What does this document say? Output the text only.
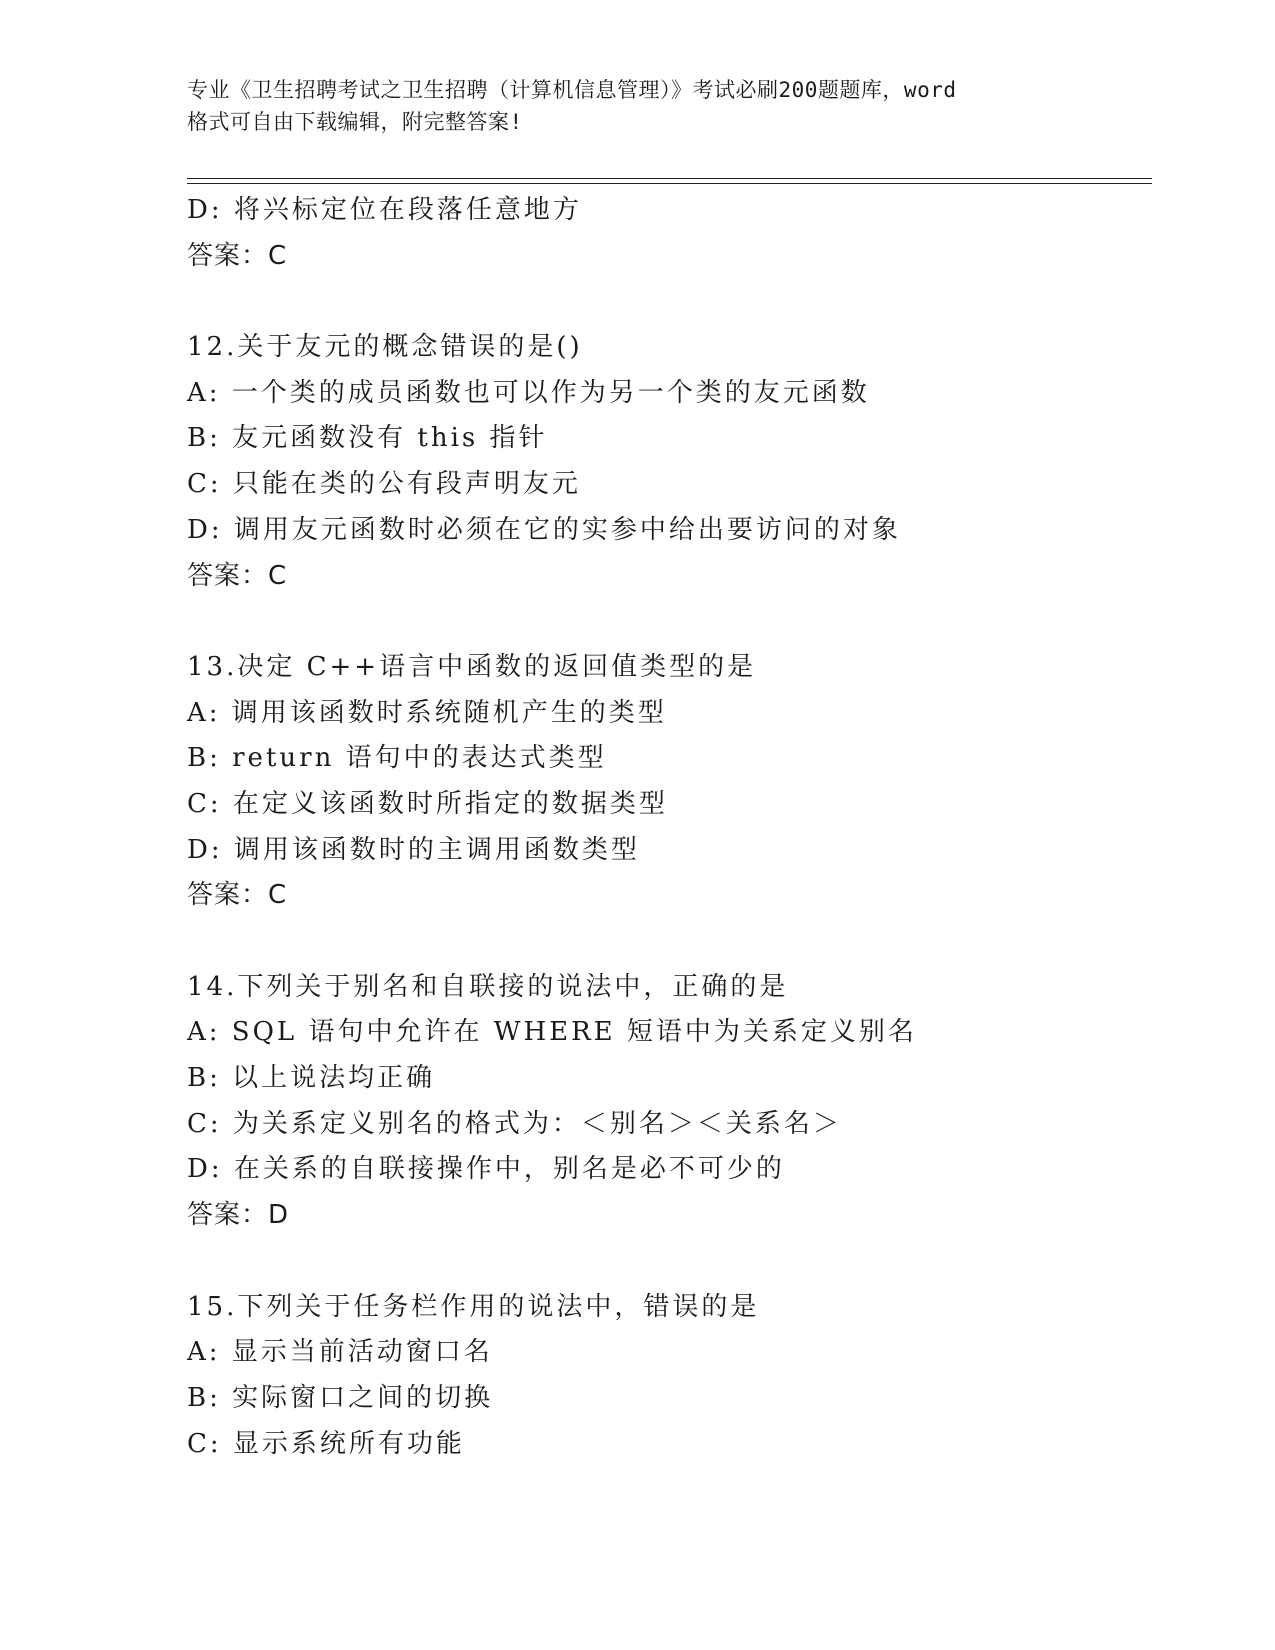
专业《卫生招聘考试之卫生招聘（计算机信息管理）》考试必刷200题题库，word
格式可自由下载编辑，附完整答案!
D: 将兴标定位在段落任意地方
答案：C
12.关于友元的概念错误的是()
A: 一个类的成员函数也可以作为另一个类的友元函数
B: 友元函数没有 this 指针
C: 只能在类的公有段声明友元
D: 调用友元函数时必须在它的实参中给出要访问的对象
答案：C
13.决定 C++语言中函数的返回值类型的是
A: 调用该函数时系统随机产生的类型
B: return 语句中的表达式类型
C: 在定义该函数时所指定的数据类型
D: 调用该函数时的主调用函数类型
答案：C
14.下列关于别名和自联接的说法中，正确的是
A: SQL 语句中允许在 WHERE 短语中为关系定义别名
B: 以上说法均正确
C: 为关系定义别名的格式为：＜别名＞＜关系名＞
D: 在关系的自联接操作中，别名是必不可少的
答案：D
15.下列关于任务栏作用的说法中，错误的是
A: 显示当前活动窗口名
B: 实际窗口之间的切换
C: 显示系统所有功能
